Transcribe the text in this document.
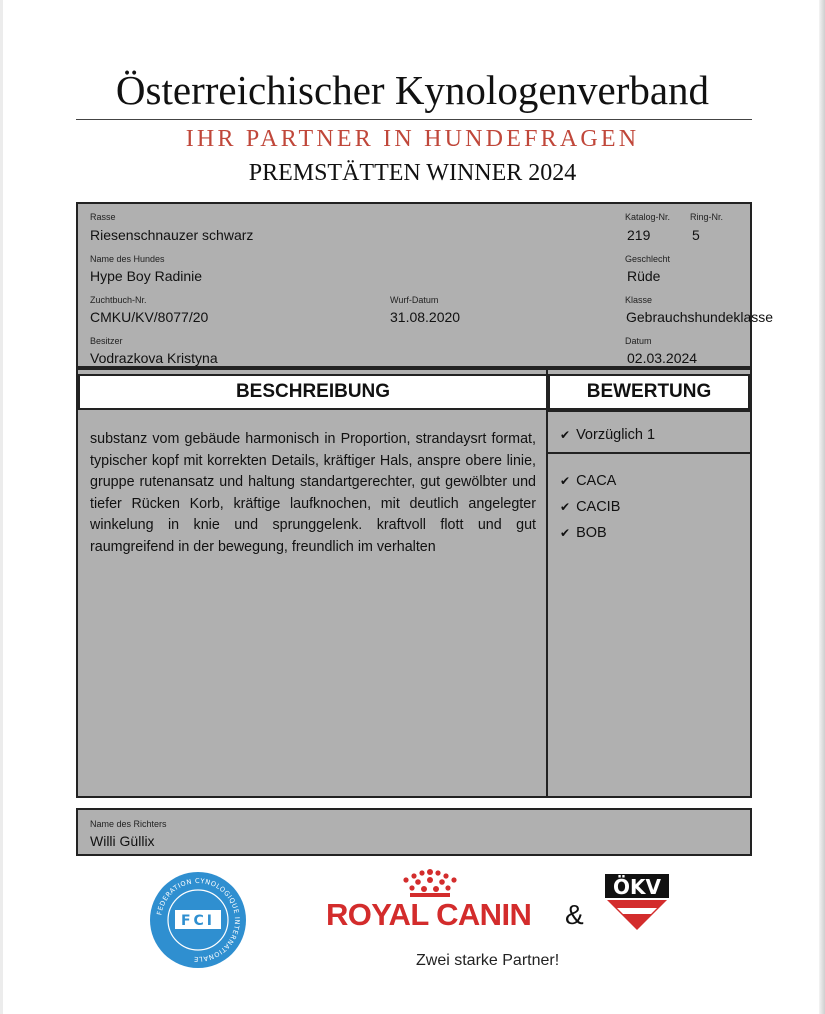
Österreichischer Kynologenverband
IHR PARTNER IN HUNDEFRAGEN
PREMSTÄTTEN WINNER 2024
Rasse
Riesenschnauzer schwarz
Katalog-Nr.
219
Ring-Nr.
5
Name des Hundes
Hype Boy Radinie
Geschlecht
Rüde
Zuchtbuch-Nr.
CMKU/KV/8077/20
Wurf-Datum
31.08.2020
Klasse
Gebrauchshundeklasse
Besitzer
Vodrazkova Kristyna
Datum
02.03.2024
BESCHREIBUNG	BEWERTUNG
substanz vom gebäude harmonisch in Proportion, strandaysrt format, typischer kopf mit korrekten Details, kräftiger Hals, anspre obere linie, gruppe rutenansatz und haltung standartgerechter, gut gewölbter und tiefer Rücken Korb, kräftige laufknochen, mit deutlich angelegter winkelung in knie und sprunggelenk. kraftvoll flott und gut raumgreifend in der bewegung, freundlich im verhalten
✔ Vorzüglich 1
✔ CACA
✔ CACIB
✔ BOB
Name des Richters
Willi Güllix
FEDERATION CYNOLOGIQUE INTERNATIONALE
FCI	ROYAL CANIN &
ÖKV
Zwei starke Partner!
